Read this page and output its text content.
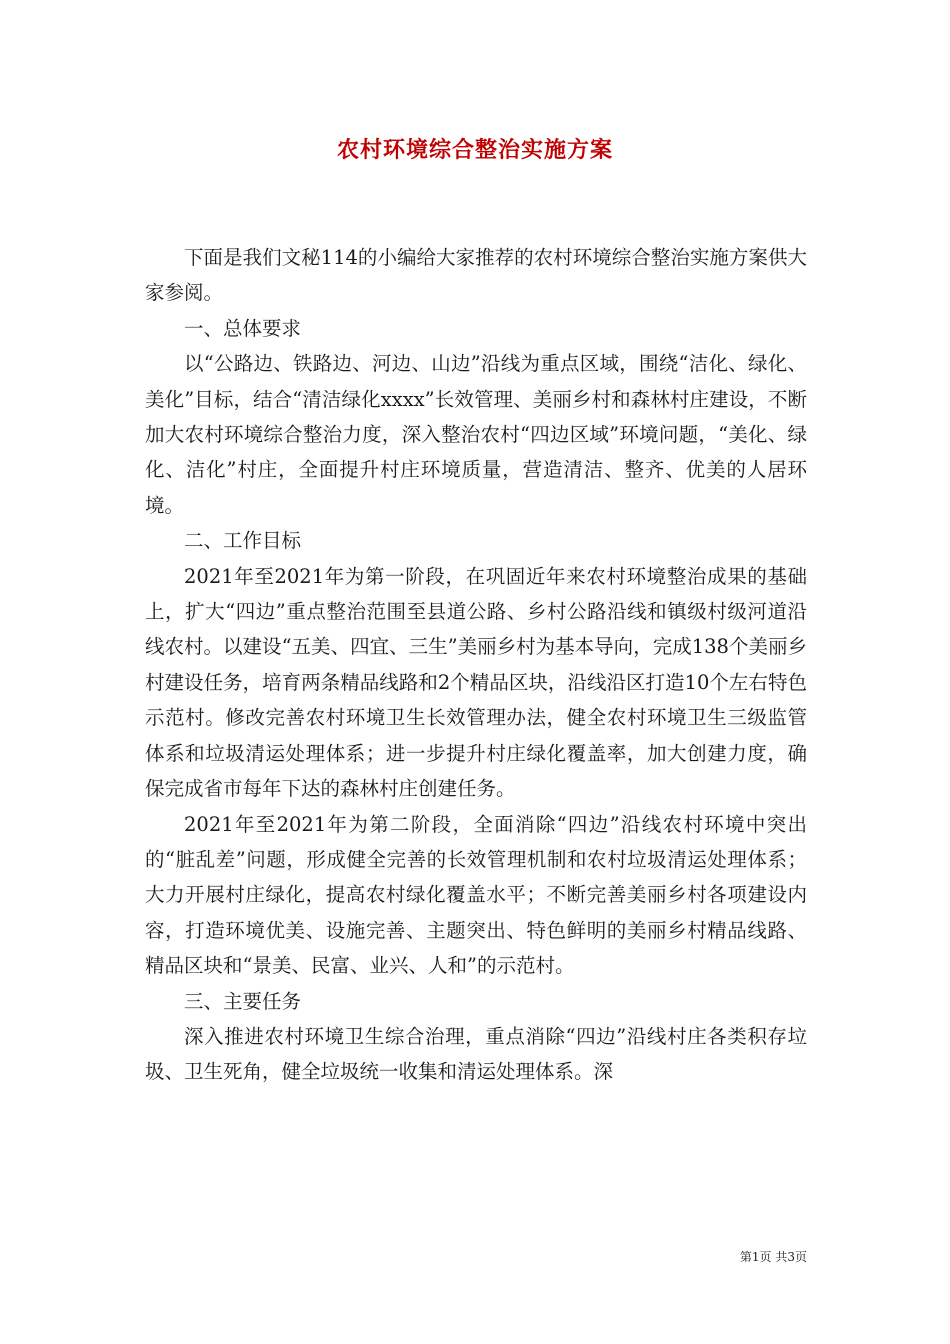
农村环境综合整治实施方案

下面是我们文秘114的小编给大家推荐的农村环境综合整治实施方案供大家参阅。

一、总体要求

以“公路边、铁路边、河边、山边”沿线为重点区域，围绕“洁化、绿化、美化”目标，结合“清洁绿化xxxx”长效管理、美丽乡村和森林村庄建设，不断加大农村环境综合整治力度，深入整治农村“四边区域”环境问题，“美化、绿化、洁化”村庄，全面提升村庄环境质量，营造清洁、整齐、优美的人居环境。

二、工作目标

2021年至2021年为第一阶段，在巩固近年来农村环境整治成果的基础上，扩大“四边”重点整治范围至县道公路、乡村公路沿线和镇级村级河道沿线农村。以建设“五美、四宜、三生”美丽乡村为基本导向，完成138个美丽乡村建设任务，培育两条精品线路和2个精品区块，沿线沿区打造10个左右特色示范村。修改完善农村环境卫生长效管理办法，健全农村环境卫生三级监管体系和垃圾清运处理体系；进一步提升村庄绿化覆盖率，加大创建力度，确保完成省市每年下达的森林村庄创建任务。

2021年至2021年为第二阶段，全面消除“四边”沿线农村环境中突出的“脏乱差”问题，形成健全完善的长效管理机制和农村垃圾清运处理体系；大力开展村庄绿化，提高农村绿化覆盖水平；不断完善美丽乡村各项建设内容，打造环境优美、设施完善、主题突出、特色鲜明的美丽乡村精品线路、精品区块和“景美、民富、业兴、人和”的示范村。

三、主要任务

深入推进农村环境卫生综合治理，重点消除“四边”沿线村庄各类积存垃圾、卫生死角，健全垃圾统一收集和清运处理体系。深

第1页 共3页
